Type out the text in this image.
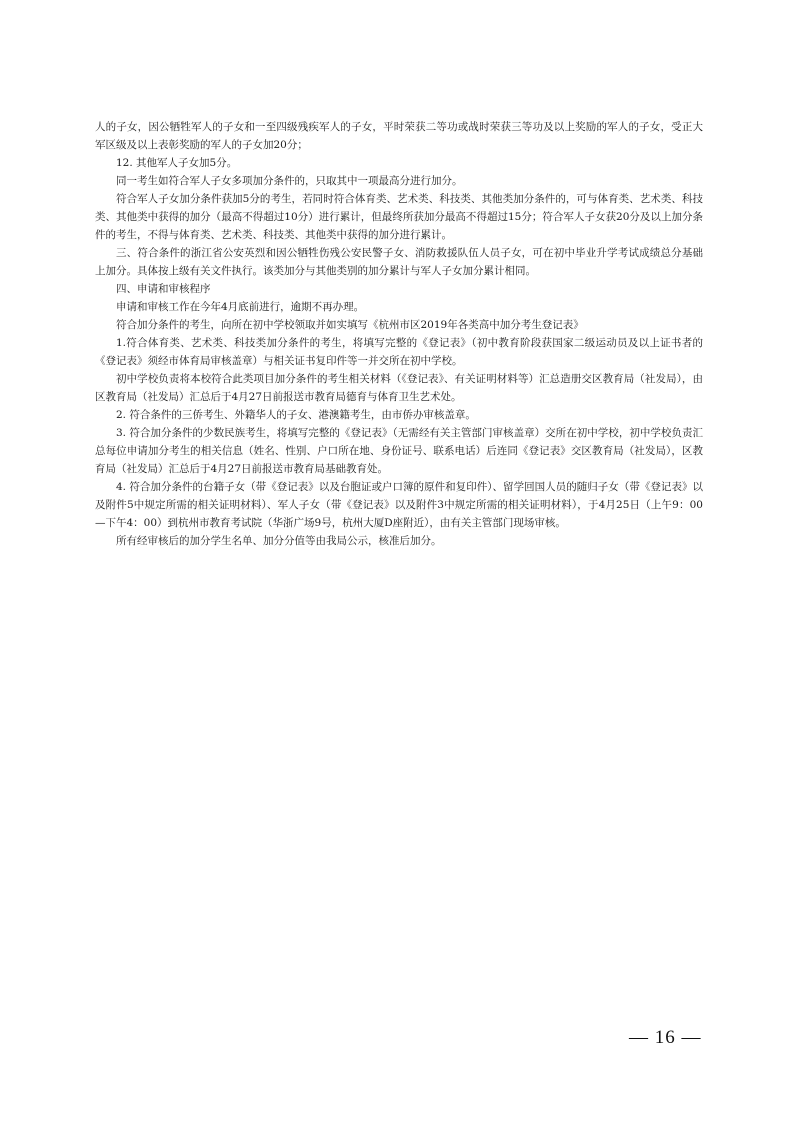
人的子女，因公牺牲军人的子女和一至四级残疾军人的子女，平时荣获二等功或战时荣获三等功及以上奖励的军人的子女，受正大军区级及以上表彰奖励的军人的子女加20分；

12. 其他军人子女加5分。

同一考生如符合军人子女多项加分条件的，只取其中一项最高分进行加分。

符合军人子女加分条件获加5分的考生，若同时符合体育类、艺术类、科技类、其他类加分条件的，可与体育类、艺术类、科技类、其他类中获得的加分（最高不得超过10分）进行累计，但最终所获加分最高不得超过15分；符合军人子女获20分及以上加分条件的考生，不得与体育类、艺术类、科技类、其他类中获得的加分进行累计。

三、符合条件的浙江省公安英烈和因公牺牲伤残公安民警子女、消防救援队伍人员子女，可在初中毕业升学考试成绩总分基础上加分。具体按上级有关文件执行。该类加分与其他类别的加分累计与军人子女加分累计相同。

四、申请和审核程序

申请和审核工作在今年4月底前进行，逾期不再办理。

符合加分条件的考生，向所在初中学校领取并如实填写《杭州市区2019年各类高中加分考生登记表》

1.符合体育类、艺术类、科技类加分条件的考生，将填写完整的《登记表》（初中教育阶段获国家二级运动员及以上证书者的《登记表》须经市体育局审核盖章）与相关证书复印件等一并交所在初中学校。

初中学校负责将本校符合此类项目加分条件的考生相关材料（《登记表》、有关证明材料等）汇总造册交区教育局（社发局），由区教育局（社发局）汇总后于4月27日前报送市教育局德育与体育卫生艺术处。

2. 符合条件的三侨考生、外籍华人的子女、港澳籍考生，由市侨办审核盖章。

3. 符合加分条件的少数民族考生，将填写完整的《登记表》（无需经有关主管部门审核盖章）交所在初中学校，初中学校负责汇总每位申请加分考生的相关信息（姓名、性别、户口所在地、身份证号、联系电话）后连同《登记表》交区教育局（社发局），区教育局（社发局）汇总后于4月27日前报送市教育局基础教育处。

4. 符合加分条件的台籍子女（带《登记表》以及台胞证或户口簿的原件和复印件）、留学回国人员的随归子女（带《登记表》以及附件5中规定所需的相关证明材料）、军人子女（带《登记表》以及附件3中规定所需的相关证明材料），于4月25日（上午9：00—下午4：00）到杭州市教育考试院（华浙广场9号，杭州大厦D座附近），由有关主管部门现场审核。

所有经审核后的加分学生名单、加分分值等由我局公示，核准后加分。

— 16 —
